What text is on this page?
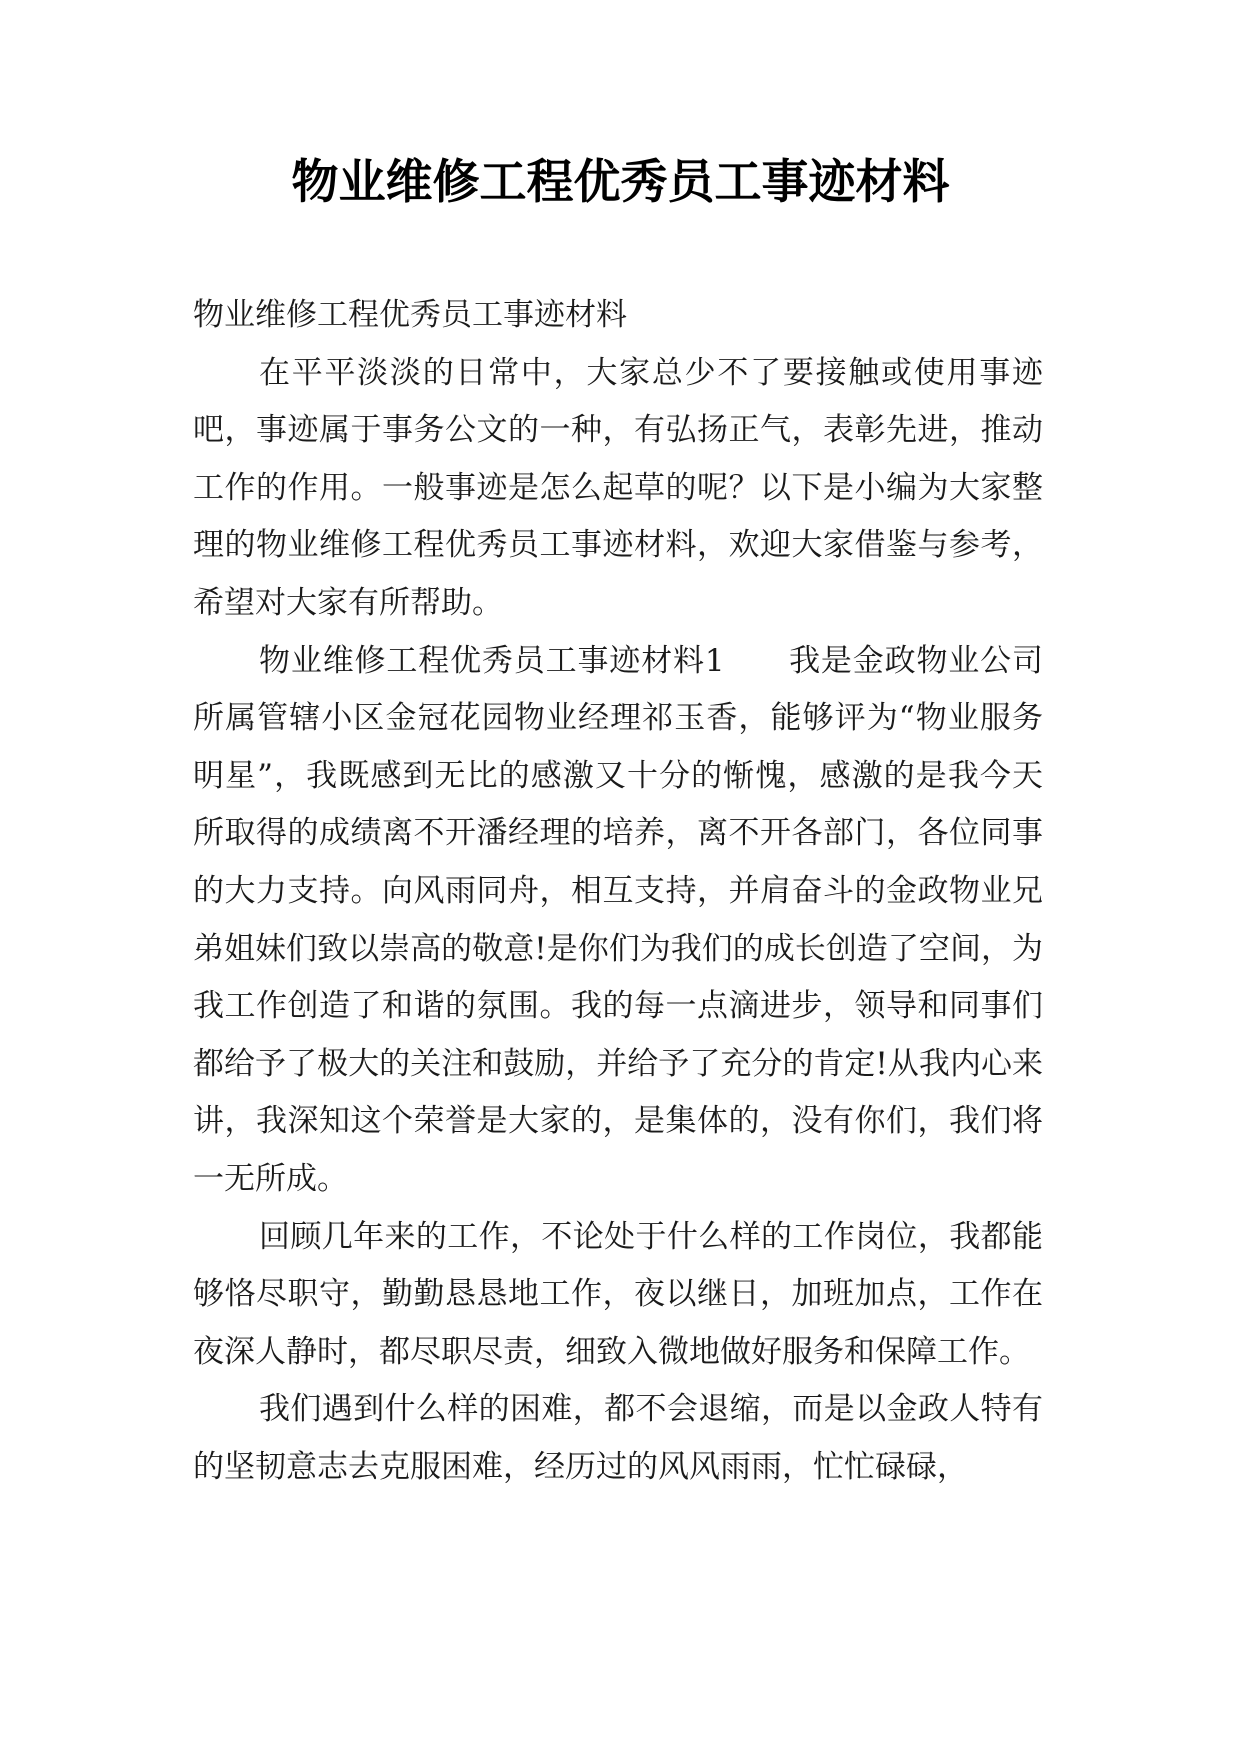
物业维修工程优秀员工事迹材料

物业维修工程优秀员工事迹材料

在平平淡淡的日常中，大家总少不了要接触或使用事迹吧，事迹属于事务公文的一种，有弘扬正气，表彰先进，推动工作的作用。一般事迹是怎么起草的呢？以下是小编为大家整理的物业维修工程优秀员工事迹材料，欢迎大家借鉴与参考，希望对大家有所帮助。

物业维修工程优秀员工事迹材料1　　我是金政物业公司所属管辖小区金冠花园物业经理祁玉香，能够评为“物业服务明星”，我既感到无比的感激又十分的惭愧，感激的是我今天所取得的成绩离不开潘经理的培养，离不开各部门，各位同事的大力支持。向风雨同舟，相互支持，并肩奋斗的金政物业兄弟姐妹们致以崇高的敬意!是你们为我们的成长创造了空间，为我工作创造了和谐的氛围。我的每一点滴进步，领导和同事们都给予了极大的关注和鼓励，并给予了充分的肯定!从我内心来讲，我深知这个荣誉是大家的，是集体的，没有你们，我们将一无所成。

回顾几年来的工作，不论处于什么样的工作岗位，我都能够恪尽职守，勤勤恳恳地工作，夜以继日，加班加点，工作在夜深人静时，都尽职尽责，细致入微地做好服务和保障工作。

我们遇到什么样的困难，都不会退缩，而是以金政人特有的坚韧意志去克服困难，经历过的风风雨雨，忙忙碌碌，
